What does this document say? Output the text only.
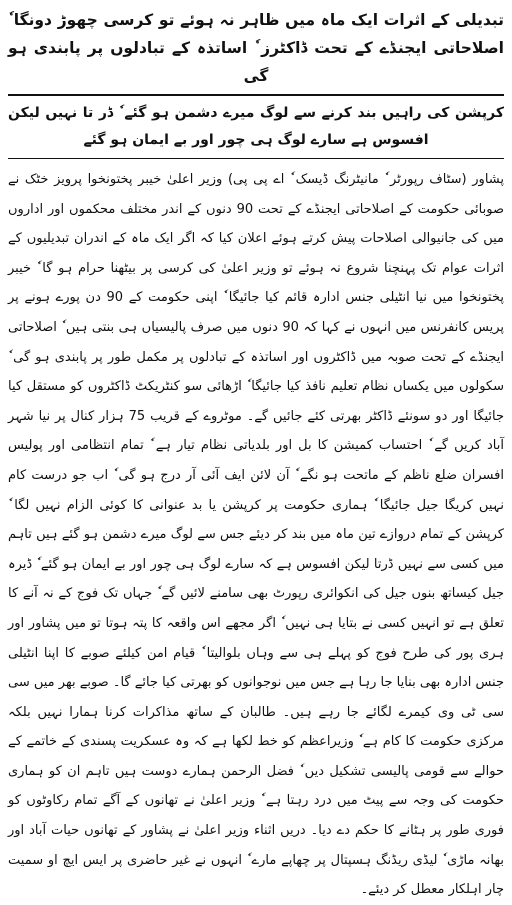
تبدیلی کے اثرات ایک ماہ میں ظاہر نہ ہوئے تو کرسی چھوڑ دونگا ٗ اصلاحاتی ایجنڈے کے تحت ڈاکٹرز ٗ اساتذہ کے تبادلوں پر پابندی ہو گی
کرپشن کی راہیں بند کرنے سے لوگ میرے دشمن ہو گئے ٗ ڈر تا نہیں لیکن افسوس ہے سارے لوگ ہی چور اور بے ایمان ہو گئے

پشاور (سٹاف رپورٹر ٗ مانیٹرنگ ڈیسک ٗ اے پی پی) وزیر اعلیٰ خیبر پختونخوا پرویز خٹک نے صوبائی حکومت کے اصلاحاتی ایجنڈے کے تحت 90 دنوں کے اندر مختلف محکموں اور اداروں میں کی جانیوالی اصلاحات پیش کرتے ہوئے اعلان کیا کہ اگر ایک ماہ کے اندران تبدیلیوں کے اثرات عوام تک پہنچنا شروع نہ ہوئے تو وزیر اعلیٰ کی کرسی پر بیٹھنا حرام ہو گا ٗ خیبر پختونخوا میں نیا انٹیلی جنس ادارہ قائم کیا جائیگا ٗ اپنی حکومت کے 90 دن پورے ہونے پر پریس کانفرنس میں انہوں نے کہا کہ 90 دنوں میں صرف پالیسیاں ہی بنتی ہیں ٗ اصلاحاتی ایجنڈے کے تحت صوبہ میں ڈاکٹروں اور اساتذہ کے تبادلوں پر مکمل طور پر پابندی ہو گی ٗ سکولوں میں یکساں نظام تعلیم نافذ کیا جائیگا ٗ اڑھائی سو کنٹریکٹ ڈاکٹروں کو مستقل کیا جائیگا اور دو سونئے ڈاکٹر بھرتی کئے جائیں گے۔ موٹروے کے قریب 75 ہزار کنال پر نیا شہر آباد کریں گے ٗ احتساب کمیشن کا بل اور بلدیاتی نظام تیار ہے ٗ تمام انتظامی اور پولیس افسران ضلع ناظم کے ماتحت ہو نگے ٗ آن لائن ایف آئی آر درج ہو گی ٗ اب جو درست کام نہیں کریگا جیل جائیگا ٗ ہماری حکومت پر کرپشن یا بد عنوانی کا کوئی الزام نہیں لگا ٗ کرپشن کے تمام دروازے تین ماہ میں بند کر دیئے جس سے لوگ میرے دشمن ہو گئے ہیں تاہم میں کسی سے نہیں ڈرتا لیکن افسوس ہے کہ سارے لوگ ہی چور اور بے ایمان ہو گئے ٗ ڈیرہ جیل کیساتھ بنوں جیل کی انکوائری رپورٹ بھی سامنے لائیں گے ٗ جہاں تک فوج کے نہ آنے کا تعلق ہے تو انہیں کسی نے بتایا ہی نہیں ٗ اگر مجھے اس واقعہ کا پتہ ہوتا تو میں پشاور اور ہری پور کی طرح فوج کو پہلے ہی سے وہاں بلوالیتا ٗ قیام امن کیلئے صوبے کا اپنا انٹیلی جنس ادارہ بھی بنایا جا رہا ہے جس میں نوجوانوں کو بھرتی کیا جائے گا۔ صوبے بھر میں سی سی ٹی وی کیمرے لگائے جا رہے ہیں۔ طالبان کے ساتھ مذاکرات کرنا ہمارا نہیں بلکہ مرکزی حکومت کا کام ہے ٗ وزیراعظم کو خط لکھا ہے کہ وہ عسکریت پسندی کے خاتمے کے حوالے سے قومی پالیسی تشکیل دیں ٗ فضل الرحمن ہمارے دوست ہیں تاہم ان کو ہماری حکومت کی وجہ سے پیٹ میں درد رہتا ہے ٗ وزیر اعلیٰ نے تھانوں کے آگے تمام رکاوٹوں کو فوری طور پر ہٹانے کا حکم دے دیا۔ دریں اثناء وزیر اعلیٰ نے پشاور کے تھانوں حیات آباد اور بھانہ ماڑی ٗ لیڈی ریڈنگ ہسپتال پر چھاپے مارے ٗ انہوں نے غیر حاضری پر ایس ایچ او سمیت چار اہلکار معطل کر دیئے۔
